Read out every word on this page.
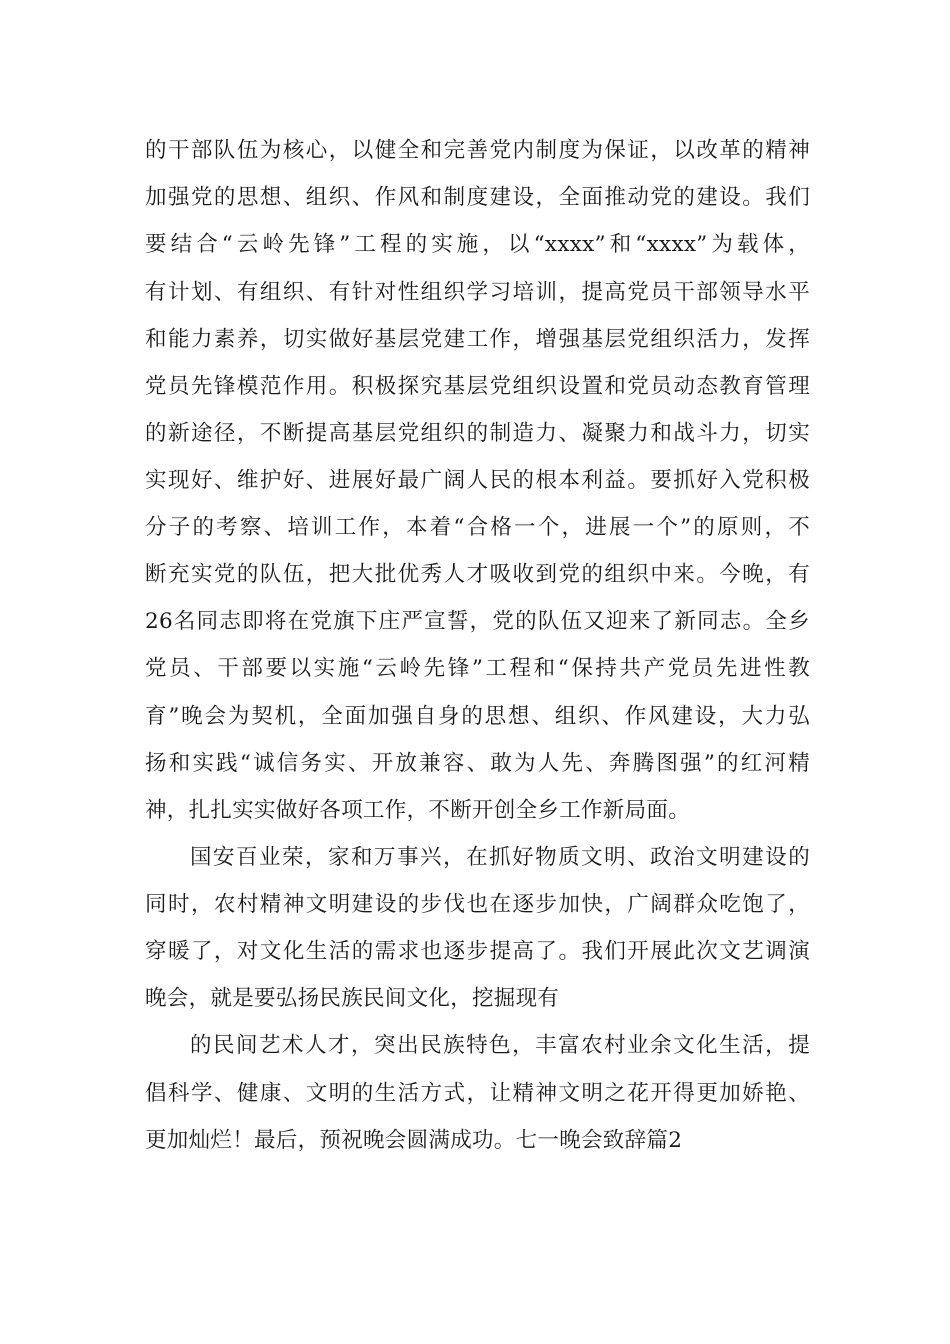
的干部队伍为核心，以健全和完善党内制度为保证，以改革的精神
加强党的思想、组织、作风和制度建设，全面推动党的建设。我们
要结合“云岭先锋”工程的实施，以“xxxx”和“xxxx”为载体，
有计划、有组织、有针对性组织学习培训，提高党员干部领导水平
和能力素养，切实做好基层党建工作，增强基层党组织活力，发挥
党员先锋模范作用。积极探究基层党组织设置和党员动态教育管理
的新途径，不断提高基层党组织的制造力、凝聚力和战斗力，切实
实现好、维护好、进展好最广阔人民的根本利益。要抓好入党积极
分子的考察、培训工作，本着“合格一个，进展一个”的原则，不
断充实党的队伍，把大批优秀人才吸收到党的组织中来。今晚，有
26名同志即将在党旗下庄严宣誓，党的队伍又迎来了新同志。全乡
党员、干部要以实施“云岭先锋”工程和“保持共产党员先进性教
育”晚会为契机，全面加强自身的思想、组织、作风建设，大力弘
扬和实践“诚信务实、开放兼容、敢为人先、奔腾图强”的红河精
神，扎扎实实做好各项工作，不断开创全乡工作新局面。
国安百业荣，家和万事兴，在抓好物质文明、政治文明建设的
同时，农村精神文明建设的步伐也在逐步加快，广阔群众吃饱了，
穿暖了，对文化生活的需求也逐步提高了。我们开展此次文艺调演
晚会，就是要弘扬民族民间文化，挖掘现有
的民间艺术人才，突出民族特色，丰富农村业余文化生活，提
倡科学、健康、文明的生活方式，让精神文明之花开得更加娇艳、
更加灿烂！最后，预祝晚会圆满成功。七一晚会致辞篇2
